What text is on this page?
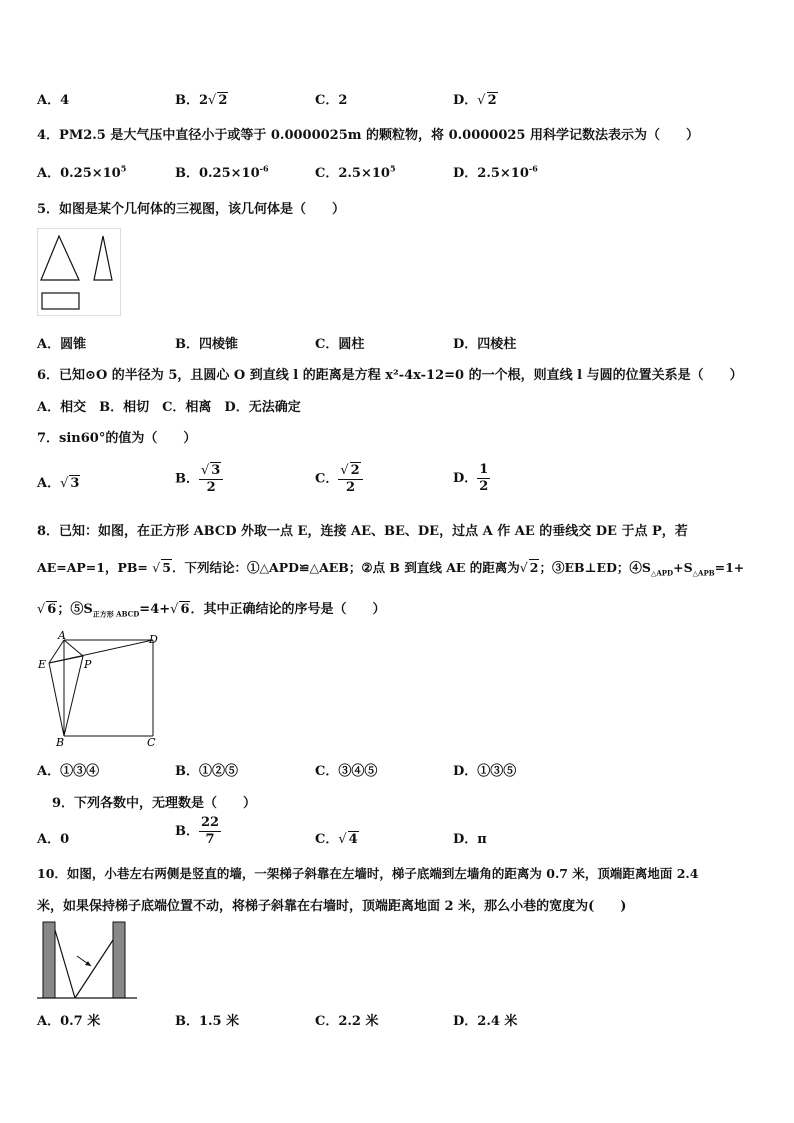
A．4	B．2√ 2	C．2	D．√ 2
4．PM2.5 是大气压中直径小于或等于 0.0000025m 的颗粒物，将 0.0000025 用科学记数法表示为（　　）
A．$0.25\times 10^5$	B．$0.25\times 10^{-6}$	C．$2.5\times 10^5$	D．$2.5\times 10^{-6}$
5．如图是某个几何体的三视图，该几何体是（　　）
A．圆锥	B．四棱锥	C．圆柱	D．四棱柱
6．已知⊙O 的半径为 5，且圆心 O 到直线 l 的距离是方程 x²-4x-12=0 的一个根，则直线 l 与圆的位置关系是（　　）
A．相交　B．相切　C．相离　D．无法确定
7．sin60°的值为（　　）
A．√ 3	B． $\frac{√ 3}{2}$	C． $\frac{√ 2}{2}$	D． $\frac{1}{2}$
8．已知：如图，在正方形 ABCD 外取一点 E，连接 AE、BE、DE，过点 A 作 AE 的垂线交 DE 于点 P，若
AE=AP=1，PB= √ 5．下列结论：①△APD≌△AEB；②点 B 到直线 AE 的距离为√ 2；③EB⊥ED；$④S_{\triangle APD}+S_{\triangle APB}=1+$
√ 6；$⑤S_{正方形 ABCD}=4+√$ 6．其中正确结论的序号是（　　）
A	D
E	P
B	C
A．①③④	B．①②⑤	C．③④⑤	D．①③⑤
9．下列各数中，无理数是（　　）
A．0
B． $\frac{22}{7}$	C．√ 4	D．π
10．如图，小巷左右两侧是竖直的墙，一架梯子斜靠在左墙时，梯子底端到左墙角的距离为 0.7 米，顶端距离地面 2.4
米，如果保持梯子底端位置不动，将梯子斜靠在右墙时，顶端距离地面 2 米，那么小巷的宽度为(　　)
A．0.7 米	B．1.5 米	C．2.2 米	D．2.4 米
